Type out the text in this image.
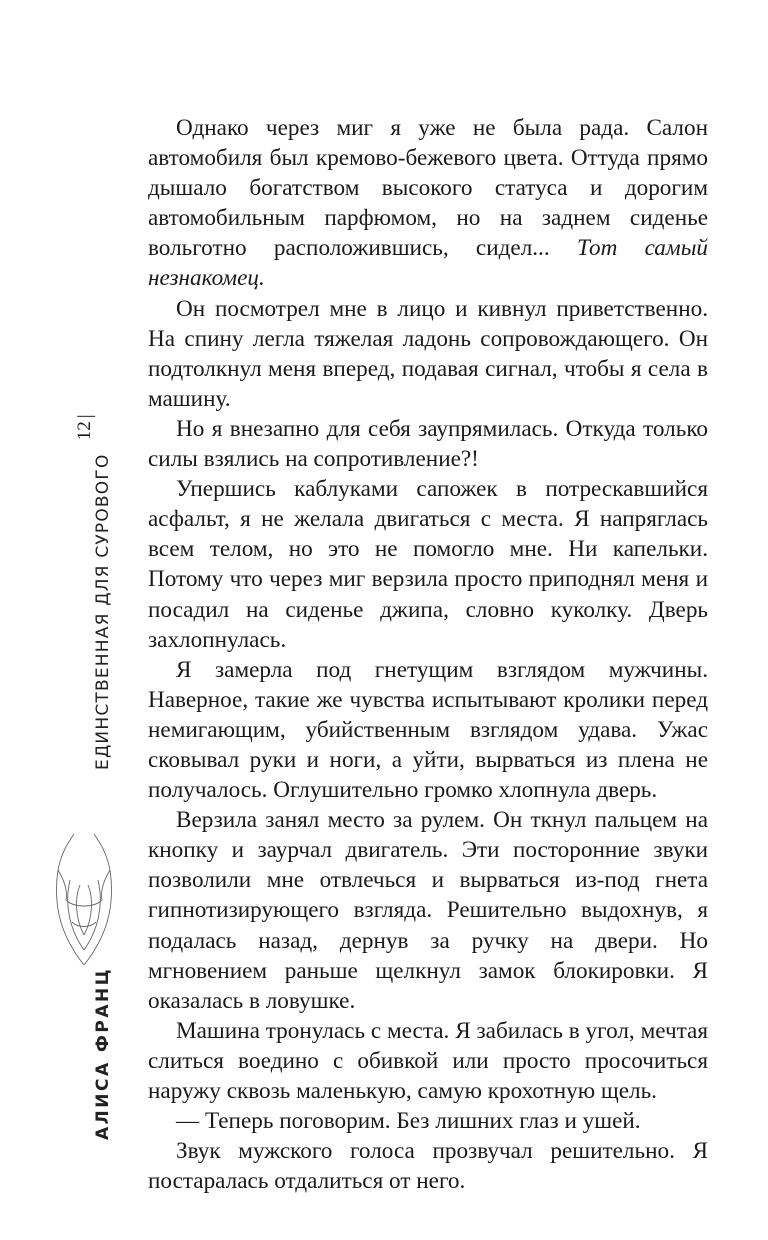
12
ЕДИНСТВЕННАЯ ДЛЯ СУРОВОГО
АЛИСА ФРАНЦ

Однако через миг я уже не была рада. Салон автомобиля был кремово-бежевого цвета. Оттуда прямо дышало богатством высокого статуса и дорогим автомобильным парфюмом, но на заднем сиденье вольготно расположившись, сидел... Тот самый незнакомец.

Он посмотрел мне в лицо и кивнул приветственно. На спину легла тяжелая ладонь сопровождающего. Он подтолкнул меня вперед, подавая сигнал, чтобы я села в машину.

Но я внезапно для себя заупрямилась. Откуда только силы взялись на сопротивление?!

Упершись каблуками сапожек в потрескавшийся асфальт, я не желала двигаться с места. Я напряглась всем телом, но это не помогло мне. Ни капельки. Потому что через миг верзила просто приподнял меня и посадил на сиденье джипа, словно куколку. Дверь захлопнулась.

Я замерла под гнетущим взглядом мужчины. Наверное, такие же чувства испытывают кролики перед немигающим, убийственным взглядом удава. Ужас сковывал руки и ноги, а уйти, вырваться из плена не получалось. Оглушительно громко хлопнула дверь.

Верзила занял место за рулем. Он ткнул пальцем на кнопку и заурчал двигатель. Эти посторонние звуки позволили мне отвлечься и вырваться из-под гнета гипнотизирующего взгляда. Решительно выдохнув, я подалась назад, дернув за ручку на двери. Но мгновением раньше щелкнул замок блокировки. Я оказалась в ловушке.

Машина тронулась с места. Я забилась в угол, мечтая слиться воедино с обивкой или просто просочиться наружу сквозь маленькую, самую крохотную щель.

— Теперь поговорим. Без лишних глаз и ушей.

Звук мужского голоса прозвучал решительно. Я постаралась отдалиться от него.
